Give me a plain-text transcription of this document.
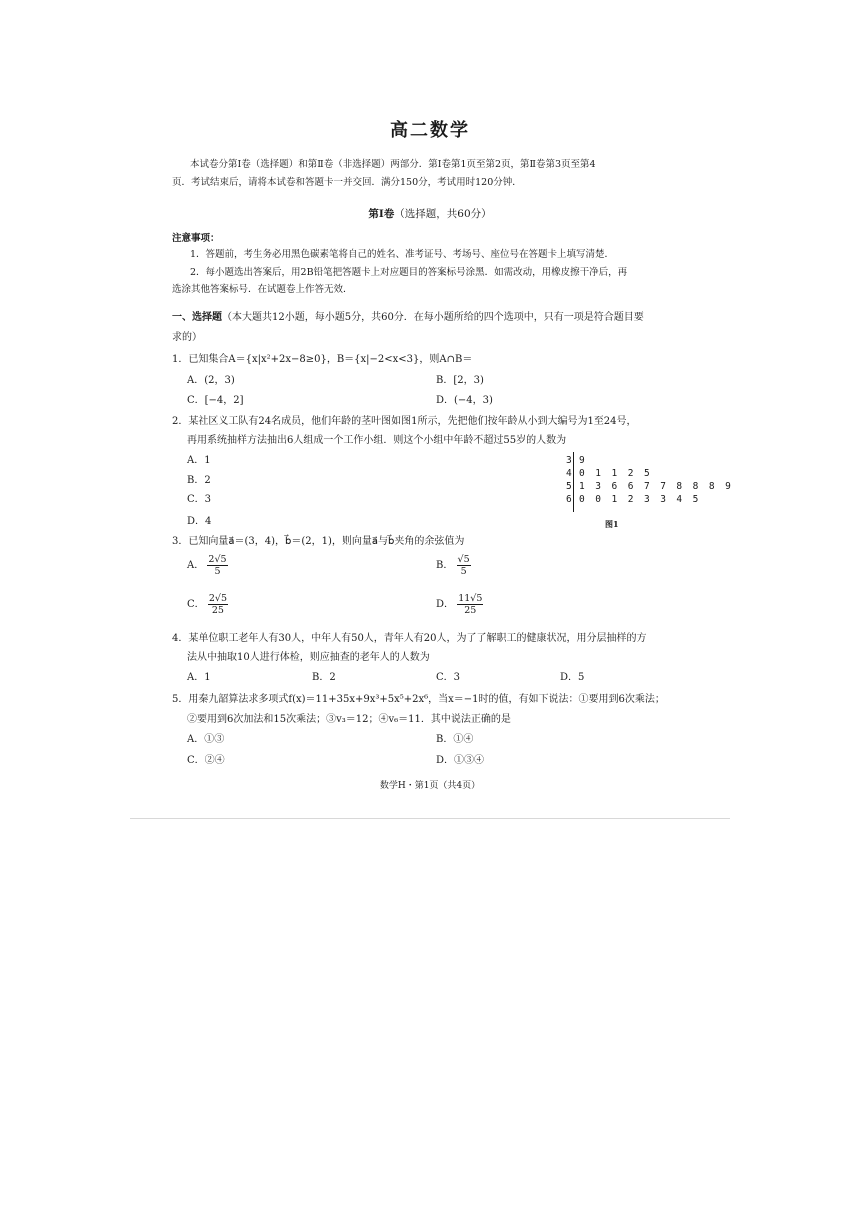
高二数学
本试卷分第Ⅰ卷（选择题）和第Ⅱ卷（非选择题）两部分．第Ⅰ卷第1页至第2页，第Ⅱ卷第3页至第4
页．考试结束后，请将本试卷和答题卡一并交回．满分150分，考试用时120分钟．
第Ⅰ卷（选择题，共60分）
注意事项：
1．答题前，考生务必用黑色碳素笔将自己的姓名、准考证号、考场号、座位号在答题卡上填写清楚．
2．每小题选出答案后，用2B铅笔把答题卡上对应题目的答案标号涂黑．如需改动，用橡皮擦干净后，再
选涂其他答案标号．在试题卷上作答无效．
一、选择题（本大题共12小题，每小题5分，共60分．在每小题所给的四个选项中，只有一项是符合题目要
求的）
1．已知集合A＝{x|x²+2x−8≥0}，B＝{x|−2<x<3}，则A∩B＝
A．(2，3)	B．[2，3)
C．[−4，2]	D．(−4，3)
2．某社区义工队有24名成员，他们年龄的茎叶图如图1所示，先把他们按年龄从小到大编号为1至24号，
再用系统抽样方法抽出6人组成一个工作小组．则这个小组中年龄不超过55岁的人数为
A．1
B．2
C．3
D．4
3 9
4 0 1 1 2 5
5 1 3 6 6 7 7 8 8 8 9
6 0 0 1 2 3 3 4 5
图1
3．已知向量a⃗＝(3，4)，b⃗＝(2，1)，则向量a⃗与b⃗夹角的余弦值为
A． $\frac{2√5}{5}$	B． $\frac{√5}{5}$
C． $\frac{2√5}{25}$	D． $\frac{11√5}{25}$
4．某单位职工老年人有30人，中年人有50人，青年人有20人，为了了解职工的健康状况，用分层抽样的方
法从中抽取10人进行体检，则应抽查的老年人的人数为
A．1	B．2	C．3	D．5
5．用秦九韶算法求多项式f(x)＝11+35x+9x³+5x⁵+2x⁶，当x＝−1时的值，有如下说法：①要用到6次乘法；
②要用到6次加法和15次乘法；③v₃＝12；④v₆＝11．其中说法正确的是
A．①③	B．①④
C．②④	D．①③④
数学H・第1页（共4页）
